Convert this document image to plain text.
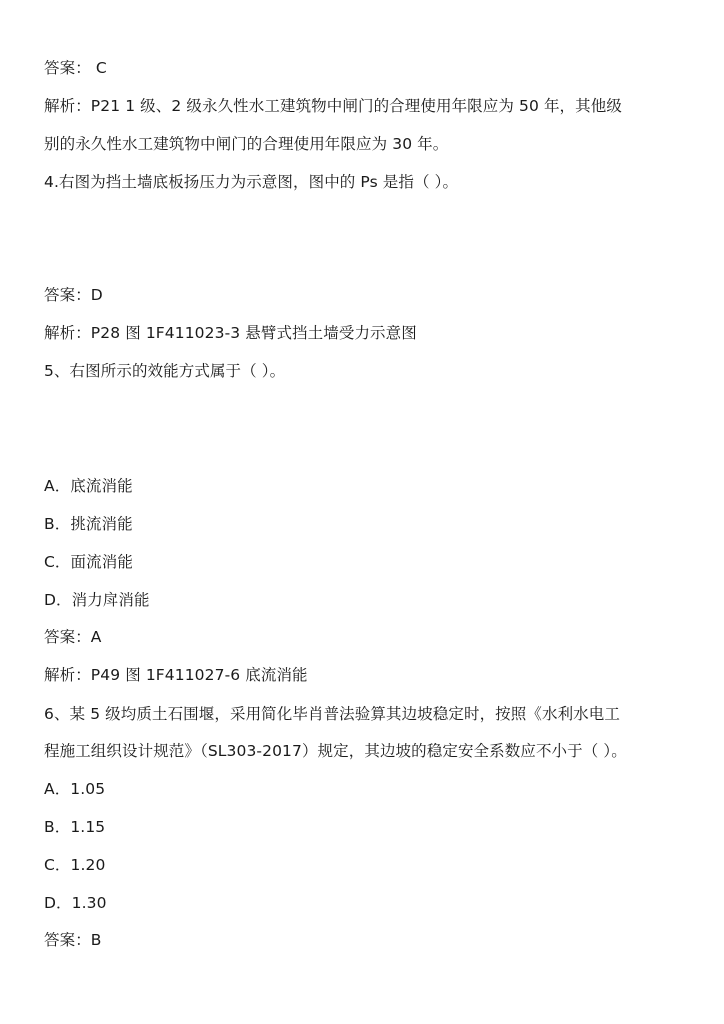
答案： C
解析：P21 1 级、2 级永久性水工建筑物中闸门的合理使用年限应为 50 年，其他级
别的永久性水工建筑物中闸门的合理使用年限应为 30 年。
4.右图为挡土墙底板扬压力为示意图，图中的 Ps 是指（ ）。
答案：D
解析：P28 图 1F411023-3 悬臂式挡土墙受力示意图
5、右图所示的效能方式属于（ ）。
A．底流消能
B．挑流消能
C．面流消能
D．消力戽消能
答案：A
解析：P49 图 1F411027-6 底流消能
6、某 5 级均质土石围堰，采用简化毕肖普法验算其边坡稳定时，按照《水利水电工
程施工组织设计规范》（SL303-2017）规定，其边坡的稳定安全系数应不小于（ ）。
A．1.05
B．1.15
C．1.20
D．1.30
答案：B
